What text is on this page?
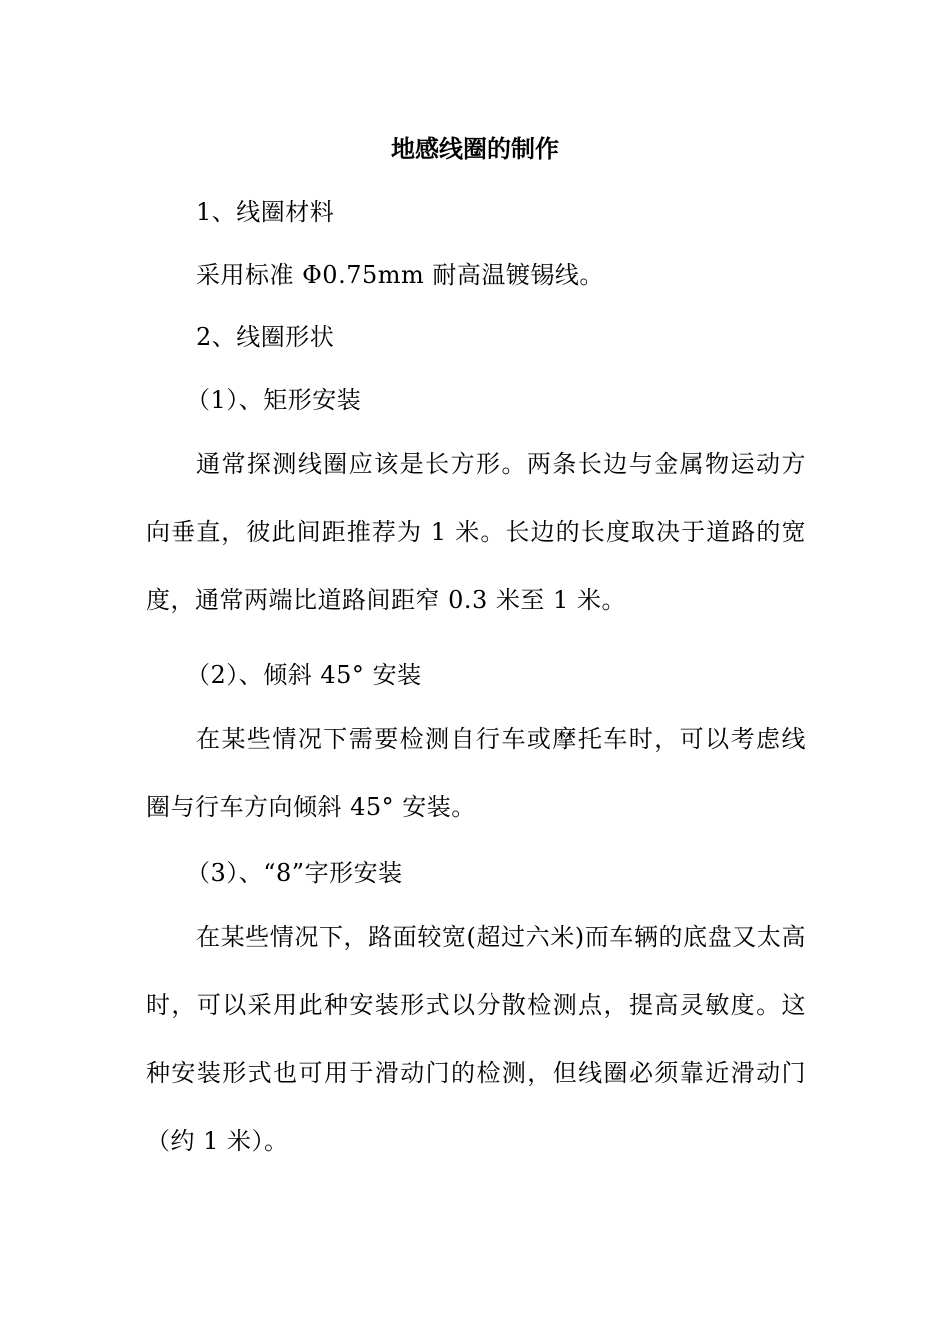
地感线圈的制作
1、线圈材料
采用标准 Φ0.75mm 耐高温镀锡线。
2、线圈形状
（1）、矩形安装
通常探测线圈应该是长方形。两条长边与金属物运动方向垂直，彼此间距推荐为 1 米。长边的长度取决于道路的宽度，通常两端比道路间距窄 0.3 米至 1 米。
（2）、倾斜 45° 安装
在某些情况下需要检测自行车或摩托车时，可以考虑线圈与行车方向倾斜 45° 安装。
（3）、“8”字形安装
在某些情况下，路面较宽(超过六米)而车辆的底盘又太高时，可以采用此种安装形式以分散检测点，提高灵敏度。这种安装形式也可用于滑动门的检测，但线圈必须靠近滑动门（约 1 米）。
